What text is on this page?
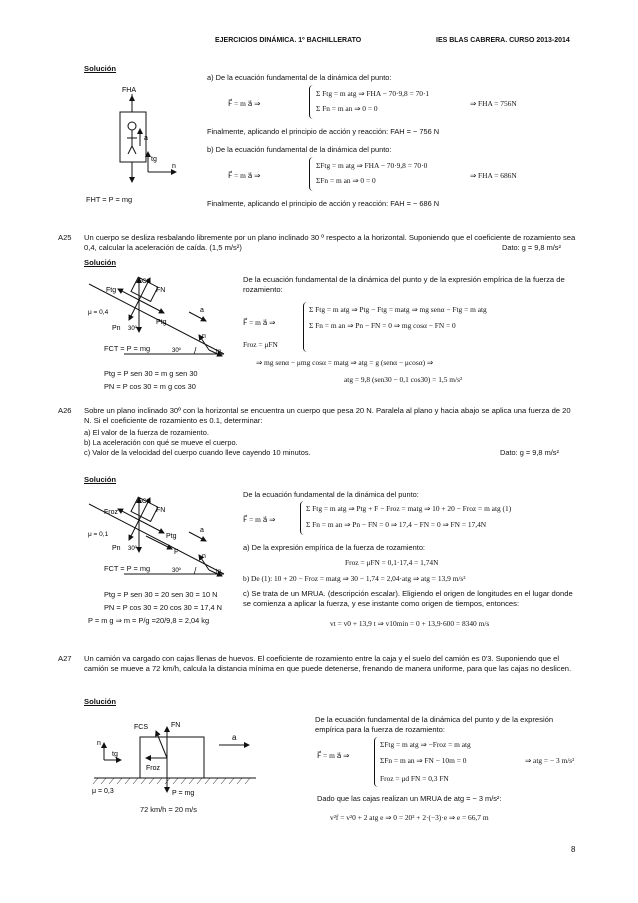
EJERCICIOS DINÁMICA. 1º BACHILLERATO	IES BLAS CABRERA. CURSO 2013-2014
Solución
FHA
a
tg
n
FHT = P = mg
a) De la ecuación fundamental de la dinámica del punto:
F⃗ = m a⃗ ⇒
Σ Ftg = m atg ⇒ FHA − 70·9,8 = 70·1
Σ Fn = m an ⇒ 0 = 0
⇒ FHA = 756N
Finalmente, aplicando el principio de acción y reacción: FAH = − 756 N
b) De la ecuación fundamental de la dinámica del punto:
F⃗ = m a⃗ ⇒
ΣFtg = m atg ⇒ FHA − 70·9,8 = 70·0
ΣFn = m an ⇒ 0 = 0
⇒ FHA = 686N
Finalmente, aplicando el principio de acción y reacción: FAH = − 686 N
A25 Un cuerpo se desliza resbalando libremente por un plano inclinado 30 º respecto a la horizontal. Suponiendo que el coeficiente de rozamiento sea 0,4, calcular la aceleración de caída. (1,5 m/s²)	Dato: g = 9,8 m/s²
Solución
Ftg
FCS
FN
μ = 0,4
Pn 30º
Ptg
a
n
tg
30º
FCT = P = mg
Ptg = P sen 30 = m g sen 30
PN = P cos 30 = m g cos 30
De la ecuación fundamental de la dinámica del punto y de la expresión empírica de la fuerza de rozamiento:
F⃗ = m a⃗ ⇒
Σ Ftg = m atg ⇒ Ptg − Ftg = matg ⇒ mg senα − Ftg = m atg
Σ Fn = m an ⇒ Pn − FN = 0 ⇒ mg cosα − FN = 0
Froz = μFN
⇒ mg senα − μmg cosα = matg ⇒ atg = g (senα − μcosα) ⇒
atg = 9,8 (sen30 − 0,1 cos30) = 1,5 m/s²
A26 Sobre un plano inclinado 30º con la horizontal se encuentra un cuerpo que pesa 20 N. Paralela al plano y hacia abajo se aplica una fuerza de 20 N. Si el coeficiente de rozamiento es 0.1, determinar:
a) El valor de la fuerza de rozamiento.
b) La aceleración con qué se mueve el cuerpo.
c) Valor de la velocidad del cuerpo cuando lleve cayendo 10 minutos.	Dato: g = 9,8 m/s²
Solución
Froz
FCS
FN
μ = 0,1
Pn 30º
Ptg
F
a
n
tg
30º
FCT = P = mg
Ptg = P sen 30 = 20 sen 30 = 10 N
PN = P cos 30 = 20 cos 30 = 17,4 N
P = m g ⇒ m = P/g =20/9,8 = 2,04 kg
De la ecuación fundamental de la dinámica del punto:
F⃗ = m a⃗ ⇒
Σ Ftg = m atg ⇒ Ptg + F − Froz = matg ⇒ 10 + 20 − Froz = m atg (1)
Σ Fn = m an ⇒ Pn − FN = 0 ⇒ 17,4 − FN = 0 ⇒ FN = 17,4N
a) De la expresión empírica de la fuerza de rozamiento:
Froz = μFN = 0,1·17,4 = 1,74N
b) De (1): 10 + 20 − Froz = matg ⇒ 30 − 1,74 = 2,04·atg ⇒ atg = 13,9 m/s²
c) Se trata de un MRUA. (descripción escalar). Eligiendo el origen de longitudes en el lugar donde se comienza a aplicar la fuerza, y ese instante como origen de tiempos, entonces:
vt = v0 + 13,9 t ⇒ v10min = 0 + 13,9·600 = 8340 m/s
A27 Un camión va cargado con cajas llenas de huevos. El coeficiente de rozamiento entre la caja y el suelo del camión es 0'3. Suponiendo que el camión se mueve a 72 km/h, calcula la distancia mínima en que puede detenerse, frenando de manera uniforme, para que las cajas no deslicen.
Solución
FCS	FN
n
tg
a
Froz
μ = 0,3	P = mg
72 km/h = 20 m/s
De la ecuación fundamental de la dinámica del punto y de la expresión empírica para la fuerza de rozamiento:
F⃗ = m a⃗ ⇒
ΣFtg = m atg ⇒ −Froz = m atg
ΣFn = m an ⇒ FN − 10m = 0
Froz = μd FN = 0,3 FN
⇒ atg = − 3 m/s²
Dado que las cajas realizan un MRUA de atg = − 3 m/s²:
v²f = v²0 + 2 atg e ⇒ 0 = 20² + 2·(−3)·e ⇒ e = 66,7 m
8
